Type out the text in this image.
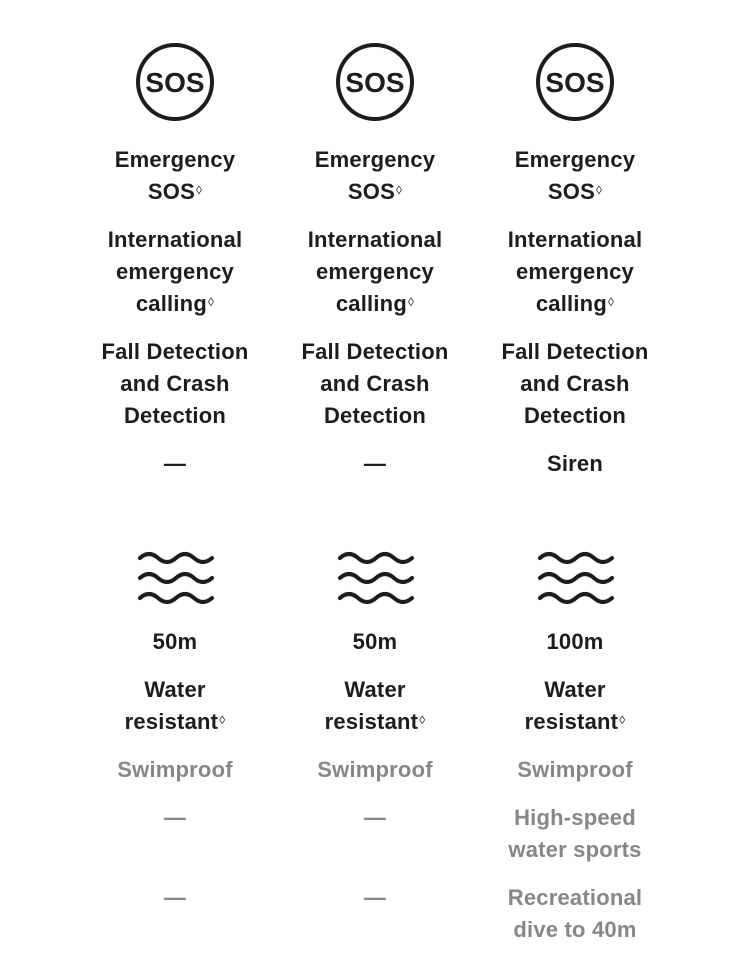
SOS
Emergency
SOS◊
International
emergency
calling◊
Fall Detection
and Crash
Detection
—
50m
Water
resistant◊
Swimproof
—
—
SOS
Emergency
SOS◊
International
emergency
calling◊
Fall Detection
and Crash
Detection
—
50m
Water
resistant◊
Swimproof
—
—
SOS
Emergency
SOS◊
International
emergency
calling◊
Fall Detection
and Crash
Detection
Siren
100m
Water
resistant◊
Swimproof
High-speed
water sports
Recreational
dive to 40m
